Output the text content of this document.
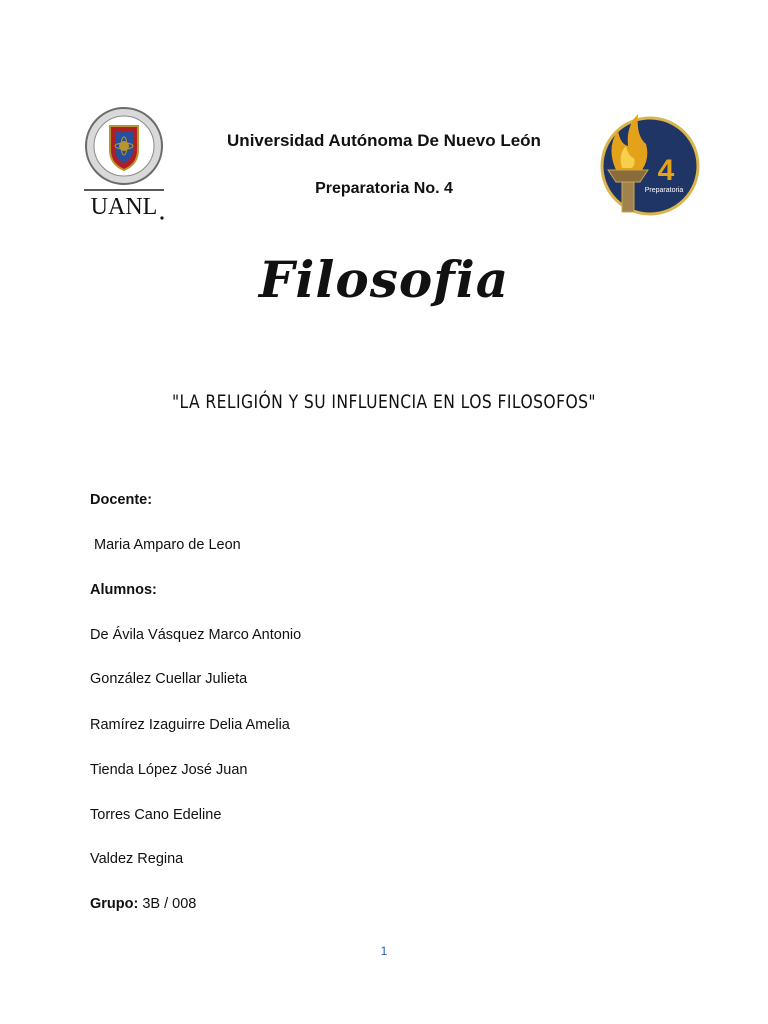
UANL
4
Preparatoria
Universidad Autónoma De Nuevo León
Preparatoria No. 4
Filosofia
"LA RELIGIÓN Y SU INFLUENCIA EN LOS FILOSOFOS"
Docente:
Maria Amparo de Leon
Alumnos:
De Ávila Vásquez Marco Antonio
González Cuellar Julieta
Ramírez Izaguirre Delia Amelia
Tienda López José Juan
Torres Cano Edeline
Valdez Regina
Grupo: 3B / 008
1
